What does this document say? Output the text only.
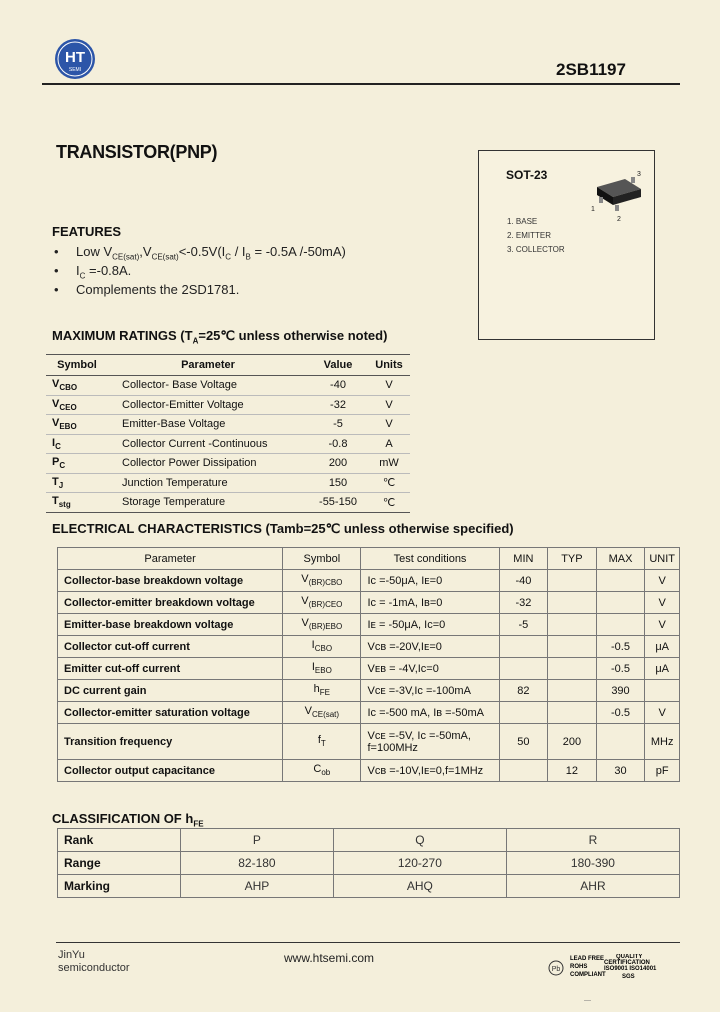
HT
SEMI	2SB1197
TRANSISTOR(PNP)
SOT-23	3
1
2
1. BASE
2. EMITTER
3. COLLECTOR
FEATURES
• Low $V_{CE(sat)},V_{CE(sat)}<-0.5V(I_C / I_B = -0.5A$ /-50mA)
• $I_C =-0.8A$.
• Complements the 2SD1781.
MAXIMUM RATINGS ($T_A=25℃$ unless otherwise noted)
Symbol	Parameter	Value	Units
$V_{CBO}$	Collector- Base Voltage	-40	V
$V_{CEO}$	Collector-Emitter Voltage	-32	V
$V_{EBO}$	Emitter-Base Voltage	-5	V
$I_C$	Collector Current -Continuous	-0.8	A
$P_C$	Collector Power Dissipation	200	mW
$T_J$	Junction Temperature	150	℃
$T_{stg}$	Storage Temperature	-55-150	℃
ELECTRICAL CHARACTERISTICS (Tamb=25℃ unless otherwise specified)
Parameter	Symbol	Test conditions	MIN	TYP	MAX	UNIT
Collector-base breakdown voltage	$V_{(BR)CBO}$	Iᴄ =-50μA, Iᴇ=0	-40			V
Collector-emitter breakdown voltage	$V_{(BR)CEO}$	Iᴄ = -1mA, Iʙ=0	-32			V
Emitter-base breakdown voltage	$V_{(BR)EBO}$	Iᴇ = -50μA, Iᴄ=0	-5			V
Collector cut-off current	$I_{CBO}$	Vᴄʙ =-20V,Iᴇ=0			-0.5	μA
Emitter cut-off current	$I_{EBO}$	Vᴇʙ = -4V,Iᴄ=0			-0.5	μA
DC current gain	$h_{FE}$	Vᴄᴇ =-3V,Iᴄ =-100mA	82		390	
Collector-emitter saturation voltage	$V_{CE(sat)}$	Iᴄ =-500 mA, Iʙ =-50mA			-0.5	V
Transition frequency	$f_T$	Vᴄᴇ =-5V, Iᴄ =-50mA,
f=100MHz	50	200		MHz
Collector output capacitance	$C_{ob}$	Vᴄʙ =-10V,Iᴇ=0,f=1MHz		12	30	pF
CLASSIFICATION OF $h_{FE}$
Rank	P	Q	R
Range	82-180	120-270	180-390
Marking	AHP	AHQ	AHR
JinYu
semiconductor
www.htsemi.com
Pb
LEAD FREE
ROHS
COMPLIANT
QUALITY
CERTIFICATION
ISO9001 ISO14001
SGS
—
